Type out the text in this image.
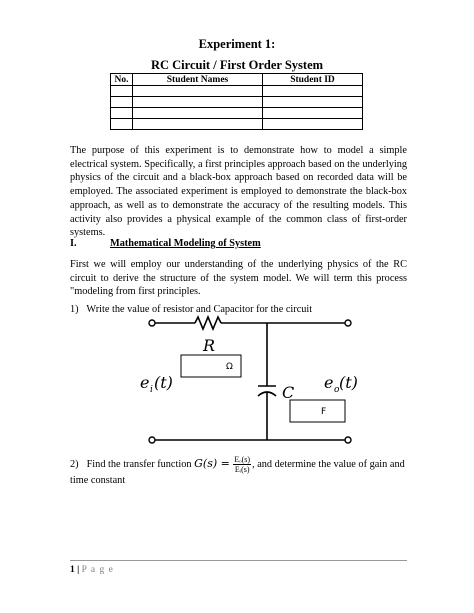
Experiment 1:
RC Circuit / First Order System
No.	Student Names	Student ID

The purpose of this experiment is to demonstrate how to model a simple electrical system. Specifically, a first principles approach based on the underlying physics of the circuit and a black-box approach based on recorded data will be employed. The associated experiment is employed to demonstrate the black-box approach, as well as to demonstrate the accuracy of the resulting models. This activity also provides a physical example of the common class of first-order systems.
I.	Mathematical Modeling of System
First we will employ our understanding of the underlying physics of the RC circuit to derive the structure of the system model. We will term this process "modeling from first principles.
1) Write the value of resistor and Capacitor for the circuit
Ω
F
R
C
e i (t)	e o (t)
2) Find the transfer function $G(s) = \frac{\text{Eₒ(s)}}{\text{Eᵢ(s)}}$ , and determine the value of gain and time constant
1 | P a g e
